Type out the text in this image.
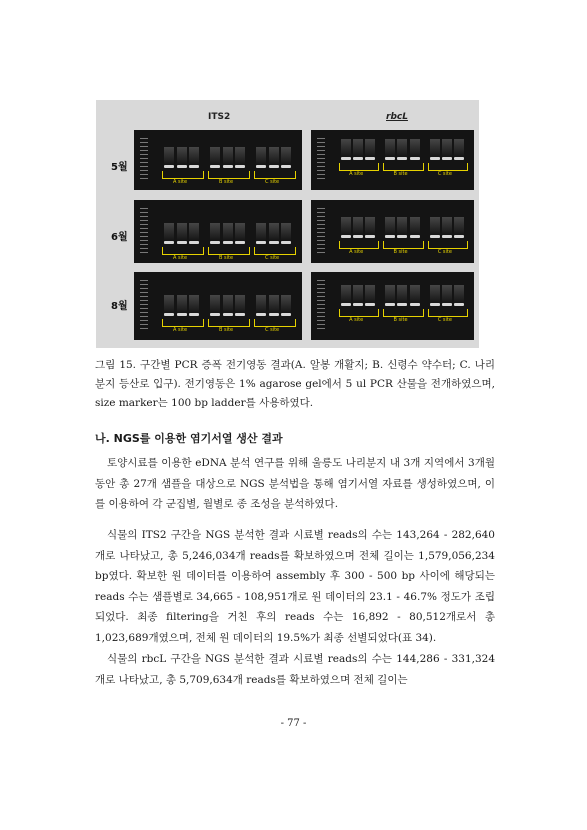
ITS2	rbcL
5월
6월
8월
A site	B site	C site
A site	B site	C site
A site	B site	C site
A site	B site	C site
A site	B site	C site
A site	B site	C site
그림 15. 구간별 PCR 증폭 전기영동 결과(A. 알봉 개활지; B. 신령수 약수터; C. 나리분지 등산로 입구). 전기영동은 1% agarose gel에서 5 ul PCR 산물을 전개하였으며, size marker는 100 bp ladder를 사용하였다.
나. NGS를 이용한 염기서열 생산 결과
토양시료를 이용한 eDNA 분석 연구를 위해 울릉도 나리분지 내 3개 지역에서 3개월 동안 총 27개 샘플을 대상으로 NGS 분석법을 통해 염기서열 자료를 생성하였으며, 이를 이용하여 각 군집별, 월별로 종 조성을 분석하였다.
식물의 ITS2 구간을 NGS 분석한 결과 시료별 reads의 수는 143,264 - 282,640개로 나타났고, 총 5,246,034개 reads를 확보하였으며 전체 길이는 1,579,056,234 bp였다. 확보한 원 데이터를 이용하여 assembly 후 300 - 500 bp 사이에 해당되는 reads 수는 샘플별로 34,665 - 108,951개로 원 데이터의 23.1 - 46.7% 정도가 조립되었다. 최종 filtering을 거친 후의 reads 수는 16,892 - 80,512개로서 총 1,023,689개였으며, 전체 원 데이터의 19.5%가 최종 선별되었다(표 34).
식물의 rbcL 구간을 NGS 분석한 결과 시료별 reads의 수는 144,286 - 331,324개로 나타났고, 총 5,709,634개 reads를 확보하였으며 전체 길이는
- 77 -
